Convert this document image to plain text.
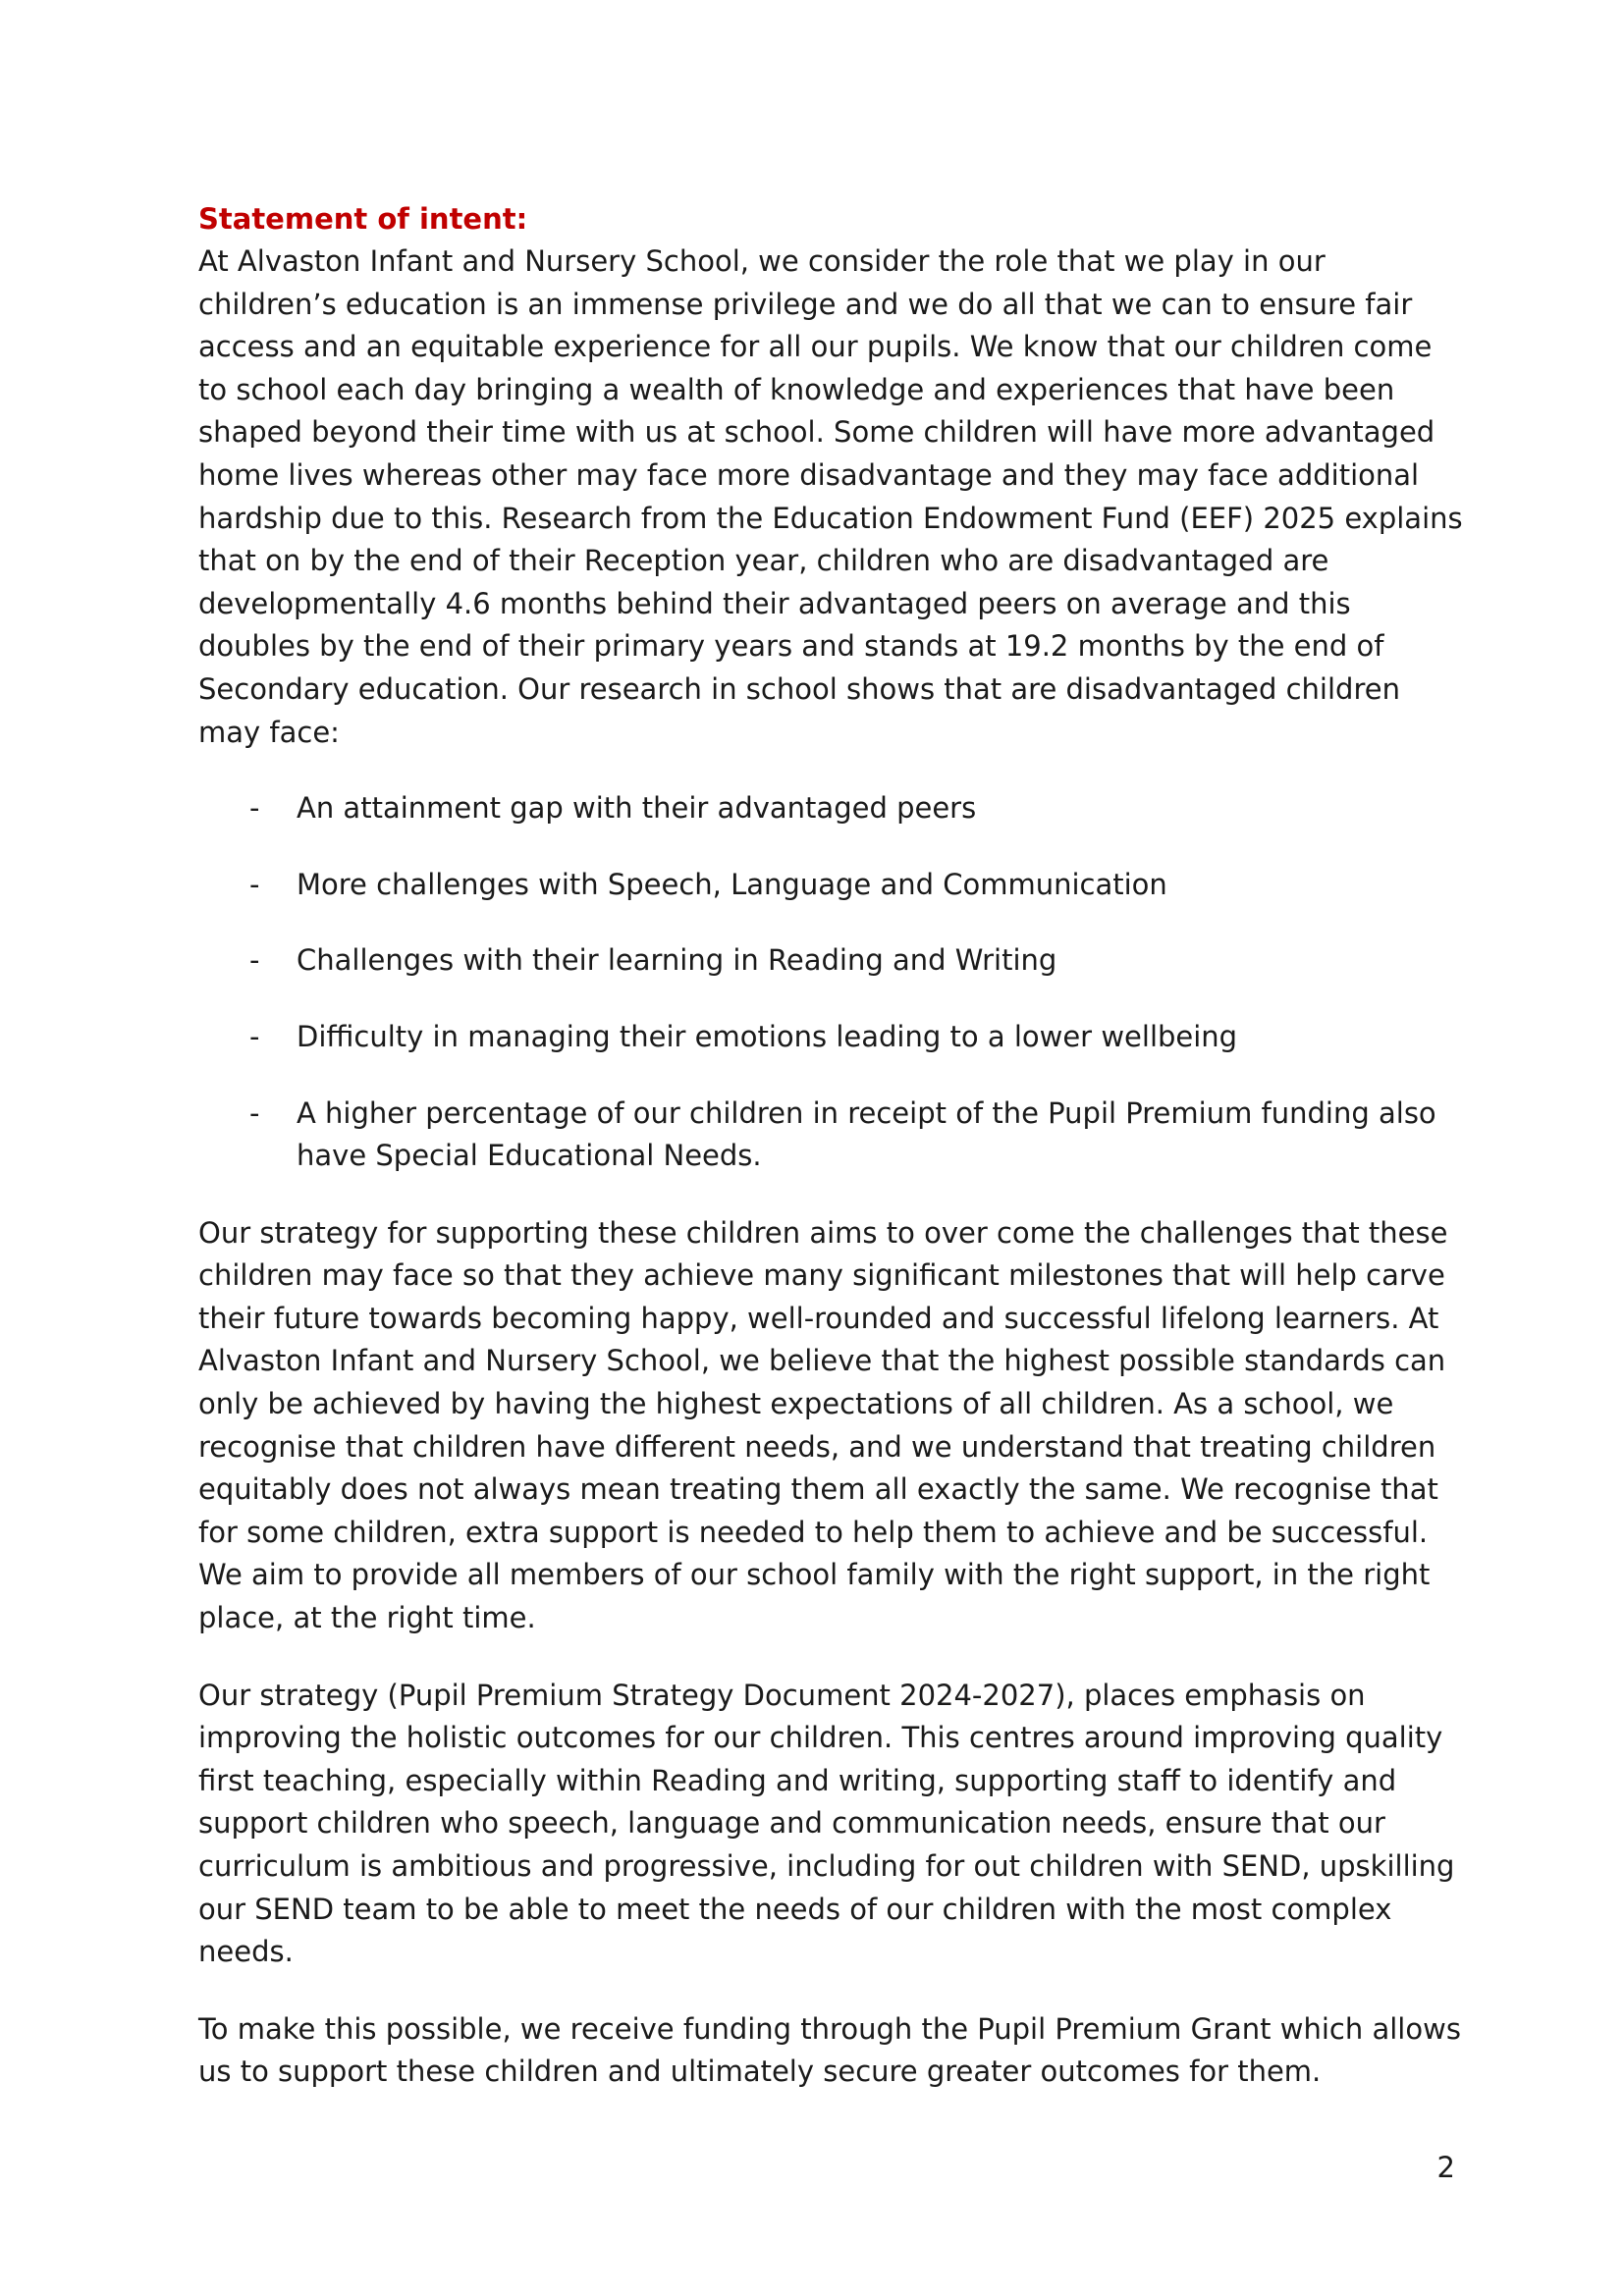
Statement of intent:

At Alvaston Infant and Nursery School, we consider the role that we play in our children’s education is an immense privilege and we do all that we can to ensure fair access and an equitable experience for all our pupils. We know that our children come to school each day bringing a wealth of knowledge and experiences that have been shaped beyond their time with us at school. Some children will have more advantaged home lives whereas other may face more disadvantage and they may face additional hardship due to this. Research from the Education Endowment Fund (EEF) 2025 explains that on by the end of their Reception year, children who are disadvantaged are developmentally 4.6 months behind their advantaged peers on average and this doubles by the end of their primary years and stands at 19.2 months by the end of Secondary education. Our research in school shows that are disadvantaged children may face:

- An attainment gap with their advantaged peers
- More challenges with Speech, Language and Communication
- Challenges with their learning in Reading and Writing
- Difficulty in managing their emotions leading to a lower wellbeing
- A higher percentage of our children in receipt of the Pupil Premium funding also have Special Educational Needs.

Our strategy for supporting these children aims to over come the challenges that these children may face so that they achieve many significant milestones that will help carve their future towards becoming happy, well-rounded and successful lifelong learners. At Alvaston Infant and Nursery School, we believe that the highest possible standards can only be achieved by having the highest expectations of all children. As a school, we recognise that children have different needs, and we understand that treating children equitably does not always mean treating them all exactly the same. We recognise that for some children, extra support is needed to help them to achieve and be successful. We aim to provide all members of our school family with the right support, in the right place, at the right time.

Our strategy (Pupil Premium Strategy Document 2024-2027), places emphasis on improving the holistic outcomes for our children. This centres around improving quality first teaching, especially within Reading and writing, supporting staff to identify and support children who speech, language and communication needs, ensure that our curriculum is ambitious and progressive, including for out children with SEND, upskilling our SEND team to be able to meet the needs of our children with the most complex needs.

To make this possible, we receive funding through the Pupil Premium Grant which allows us to support these children and ultimately secure greater outcomes for them.

2
